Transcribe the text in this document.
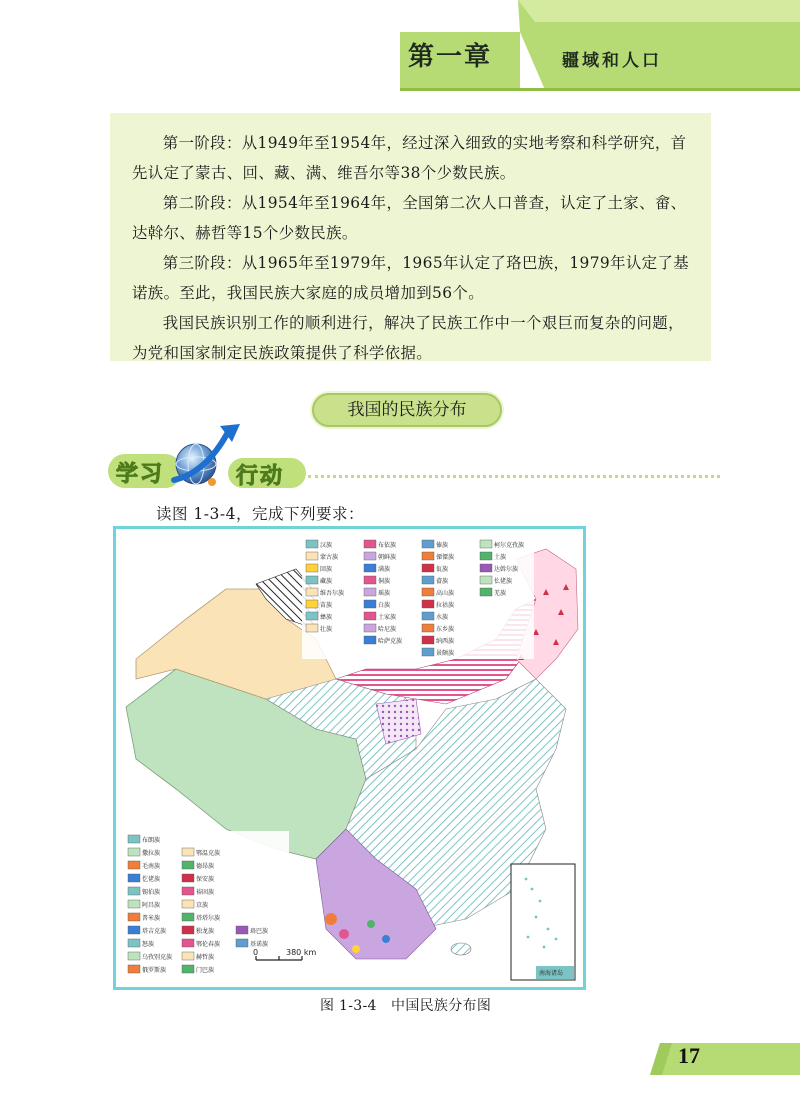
第一章	疆域和人口

第一阶段：从1949年至1954年，经过深入细致的实地考察和科学研究，首先认定了蒙古、回、藏、满、维吾尔等38个少数民族。

第二阶段：从1954年至1964年，全国第二次人口普查，认定了土家、畲、达斡尔、赫哲等15个少数民族。

第三阶段：从1965年至1979年，1965年认定了珞巴族，1979年认定了基诺族。至此，我国民族大家庭的成员增加到56个。

我国民族识别工作的顺利进行，解决了民族工作中一个艰巨而复杂的问题，为党和国家制定民族政策提供了科学依据。

我国的民族分布
学习	行动
读图 1-3-4，完成下列要求：
汉族	布依族	傣族	柯尔克孜族
蒙古族	朝鲜族	傈僳族	土族
回族	满族	佤族	达斡尔族
藏族	侗族	畲族	仫佬族
维吾尔族	瑶族	高山族	羌族
苗族	白族	拉祜族
彝族	土家族	水族
壮族	哈尼族	东乡族
哈萨克族	纳西族
景颇族
布朗族
撒拉族	鄂温克族
毛南族	德昂族
仡佬族	保安族
锡伯族	裕固族
阿昌族	京族
普米族	塔塔尔族
塔吉克族	独龙族	珞巴族
怒族	鄂伦春族	基诺族
乌孜别克族	赫哲族
俄罗斯族	门巴族
0	380 km
南海诸岛
图 1-3-4　中国民族分布图
17
